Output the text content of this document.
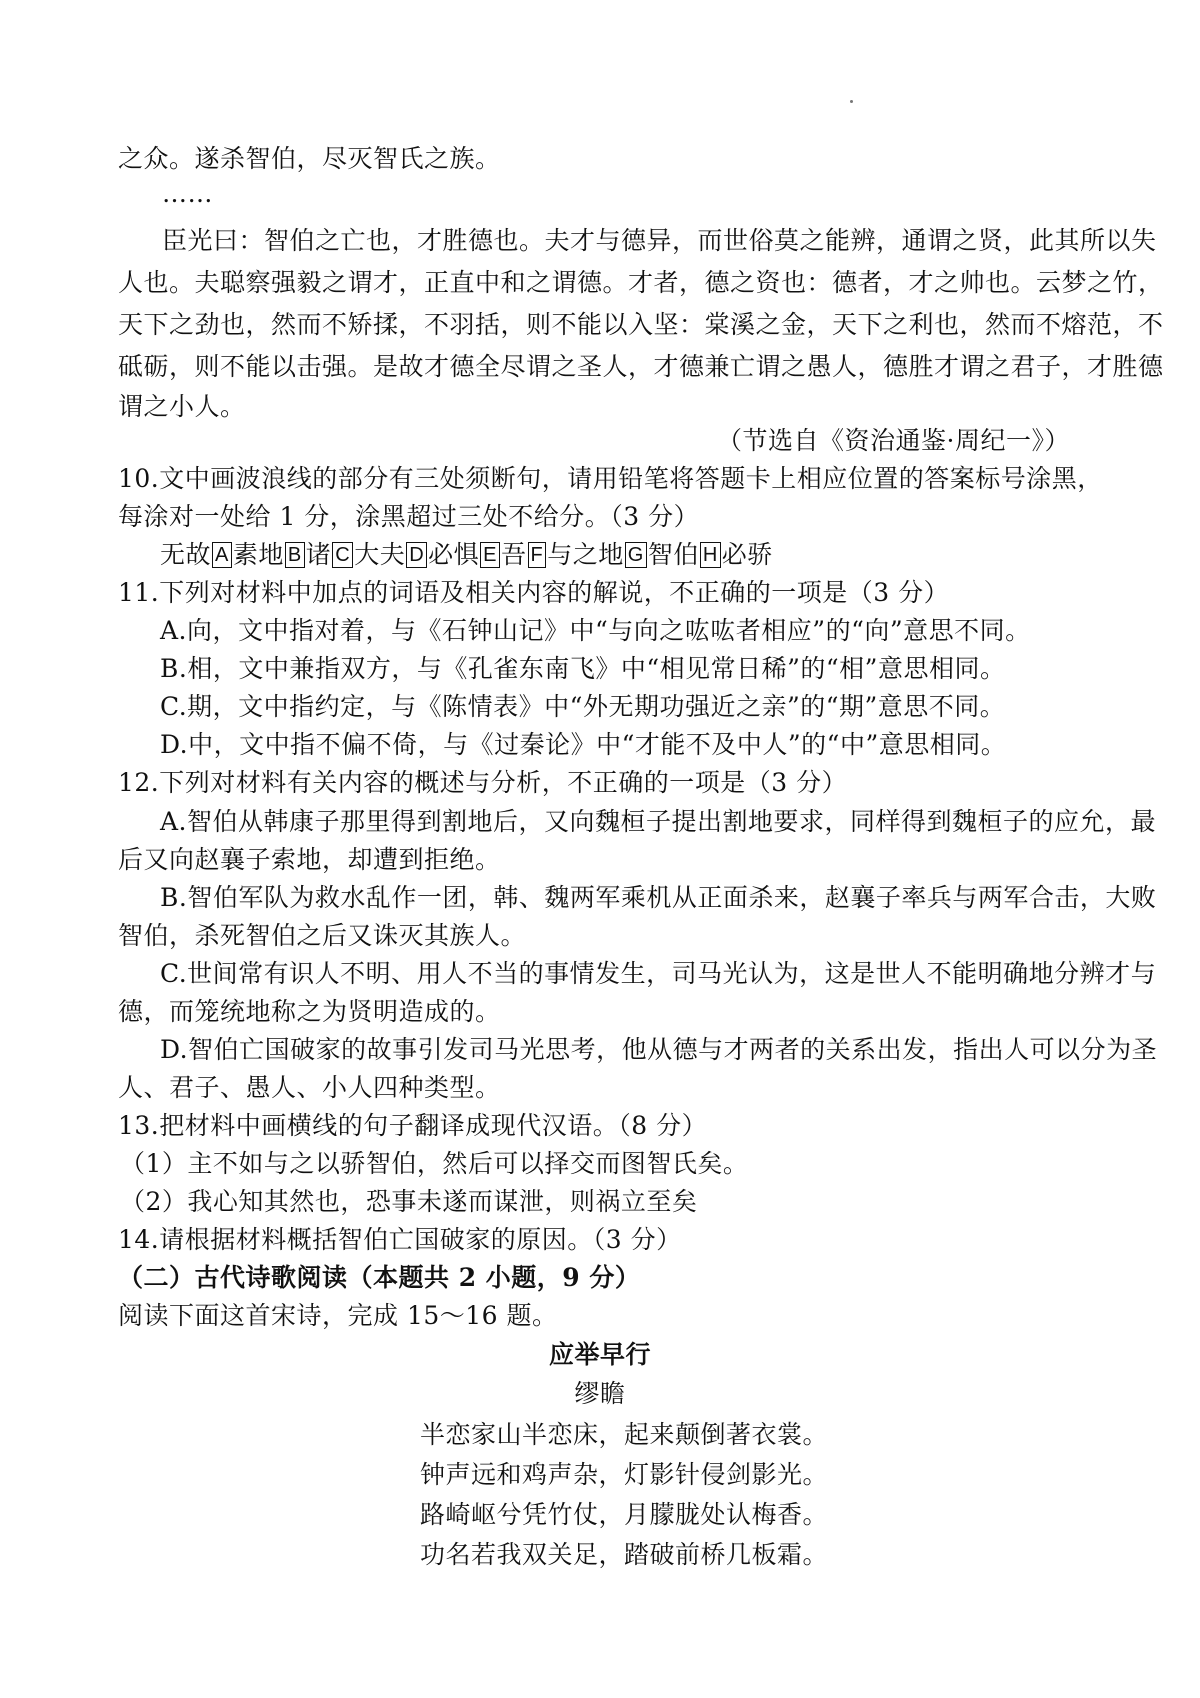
之众。遂杀智伯，尽灭智氏之族。
……
臣光曰：智伯之亡也，才胜德也。夫才与德异，而世俗莫之能辨，通谓之贤，此其所以失
人也。夫聪察强毅之谓才，正直中和之谓德。才者，德之资也：德者，才之帅也。云梦之竹，
天下之劲也，然而不矫揉，不羽括，则不能以入坚：棠溪之金，天下之利也，然而不熔范，不
砥砺，则不能以击强。是故才德全尽谓之圣人，才德兼亡谓之愚人，德胜才谓之君子，才胜德
谓之小人。
（节选自《资治通鉴·周纪一》）
10.文中画波浪线的部分有三处须断句，请用铅笔将答题卡上相应位置的答案标号涂黑，
每涂对一处给 1 分，涂黑超过三处不给分。（3 分）
无故 A 素地 B 诸 C 大夫 D 必惧 E 吾 F 与之地 G 智伯 H 必骄
11.下列对材料中加点的词语及相关内容的解说，不正确的一项是（3 分）
A.向，文中指对着，与《石钟山记》中“与向之吰吰者相应”的“向”意思不同。
B.相，文中兼指双方，与《孔雀东南飞》中“相见常日稀”的“相”意思相同。
C.期，文中指约定，与《陈情表》中“外无期功强近之亲”的“期”意思不同。
D.中，文中指不偏不倚，与《过秦论》中“才能不及中人”的“中”意思相同。
12.下列对材料有关内容的概述与分析，不正确的一项是（3 分）
A.智伯从韩康子那里得到割地后，又向魏桓子提出割地要求，同样得到魏桓子的应允，最
后又向赵襄子索地，却遭到拒绝。
B.智伯军队为救水乱作一团，韩、魏两军乘机从正面杀来，赵襄子率兵与两军合击，大败
智伯，杀死智伯之后又诛灭其族人。
C.世间常有识人不明、用人不当的事情发生，司马光认为，这是世人不能明确地分辨才与
德，而笼统地称之为贤明造成的。
D.智伯亡国破家的故事引发司马光思考，他从德与才两者的关系出发，指出人可以分为圣
人、君子、愚人、小人四种类型。
13.把材料中画横线的句子翻译成现代汉语。（8 分）
（1）主不如与之以骄智伯，然后可以择交而图智氏矣。
（2）我心知其然也，恐事未遂而谋泄，则祸立至矣
14.请根据材料概括智伯亡国破家的原因。（3 分）
（二）古代诗歌阅读（本题共 2 小题，9 分）
阅读下面这首宋诗，完成 15～16 题。
应举早行
缪瞻
半恋家山半恋床，起来颠倒著衣裳。
钟声远和鸡声杂，灯影针侵剑影光。
路崎岖兮凭竹仗，月朦胧处认梅香。
功名若我双关足，踏破前桥几板霜。
